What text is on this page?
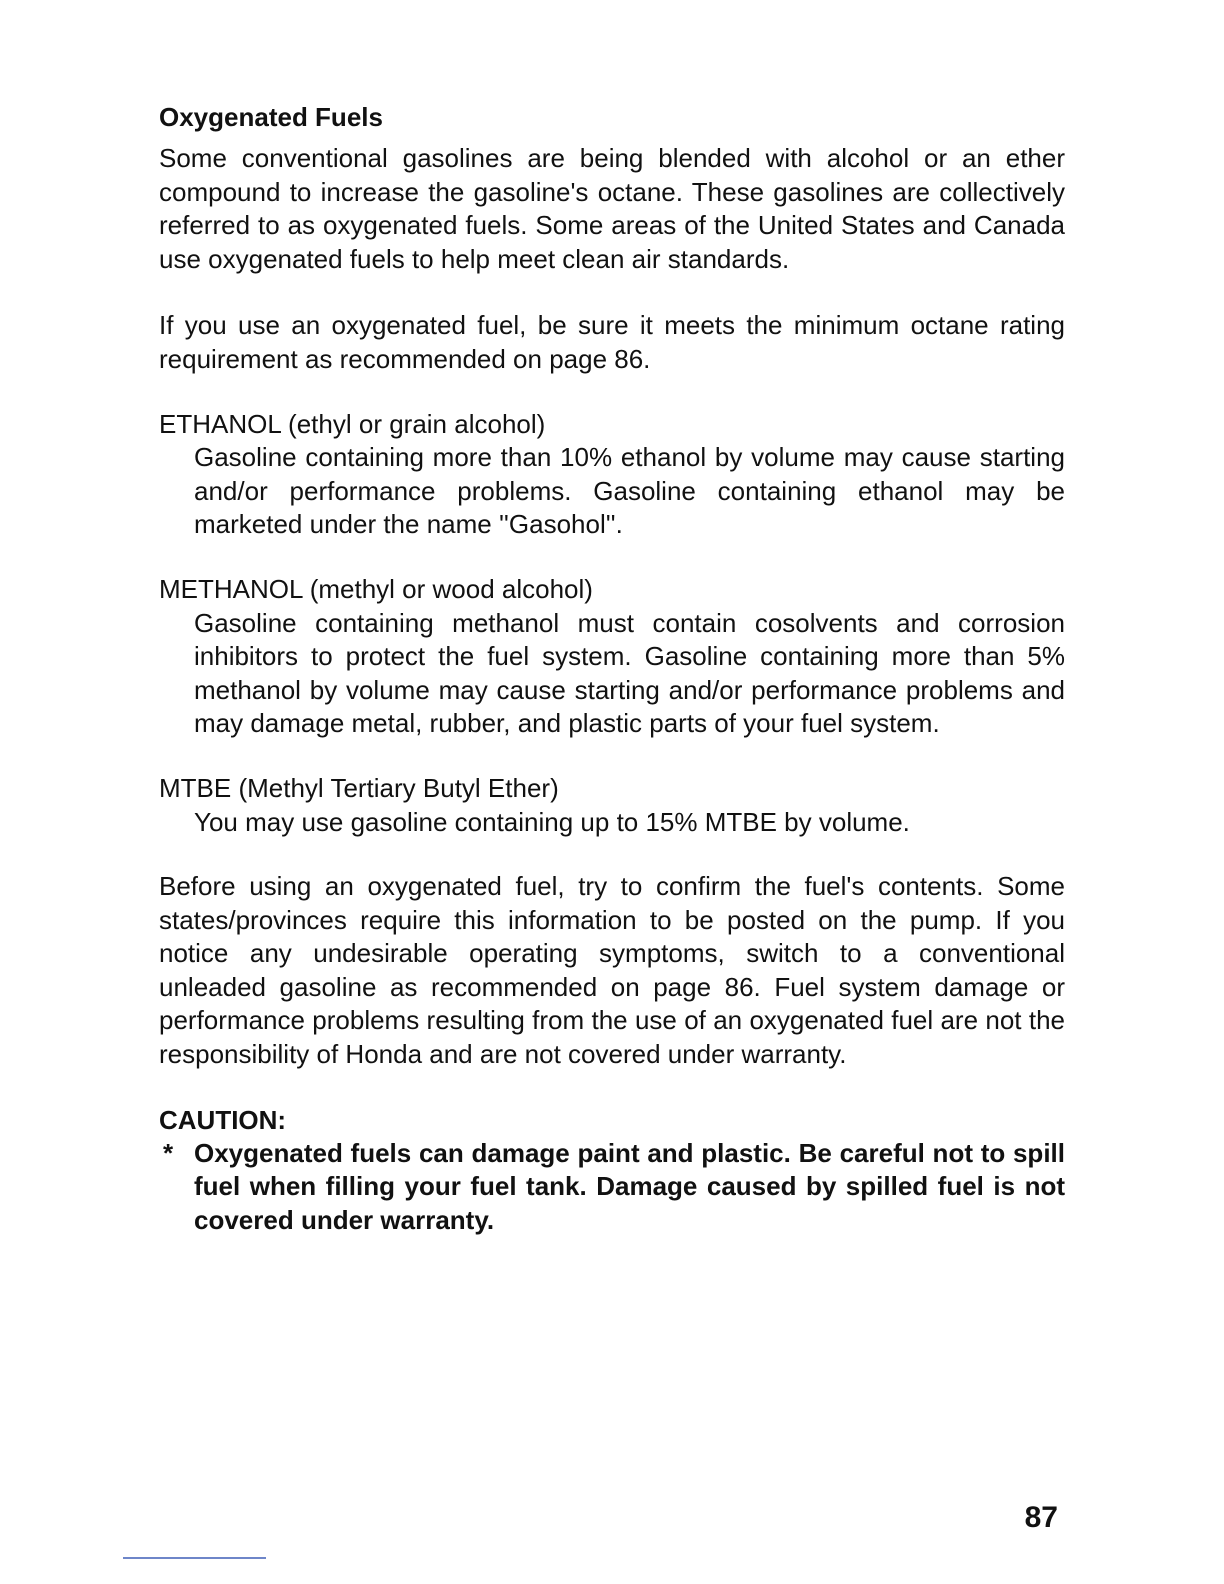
Oxygenated Fuels

Some conventional gasolines are being blended with alcohol or an ether compound to increase the gasoline's octane. These gasolines are collectively referred to as oxygenated fuels. Some areas of the United States and Canada use oxygenated fuels to help meet clean air standards.

If you use an oxygenated fuel, be sure it meets the minimum octane rating requirement as recommended on page 86.

ETHANOL (ethyl or grain alcohol)

Gasoline containing more than 10% ethanol by volume may cause starting and/or performance problems. Gasoline containing ethanol may be marketed under the name ''Gasohol''.

METHANOL (methyl or wood alcohol)

Gasoline containing methanol must contain cosolvents and corrosion inhibitors to protect the fuel system. Gasoline containing more than 5% methanol by volume may cause starting and/or performance problems and may damage metal, rubber, and plastic parts of your fuel system.

MTBE (Methyl Tertiary Butyl Ether)

You may use gasoline containing up to 15% MTBE by volume.

Before using an oxygenated fuel, try to confirm the fuel's contents. Some states/provinces require this information to be posted on the pump. If you notice any undesirable operating symptoms, switch to a conventional unleaded gasoline as recommended on page 86. Fuel system damage or performance problems resulting from the use of an oxygenated fuel are not the responsibility of Honda and are not covered under warranty.

CAUTION:

* Oxygenated fuels can damage paint and plastic. Be careful not to spill fuel when filling your fuel tank. Damage caused by spilled fuel is not covered under warranty.

87
